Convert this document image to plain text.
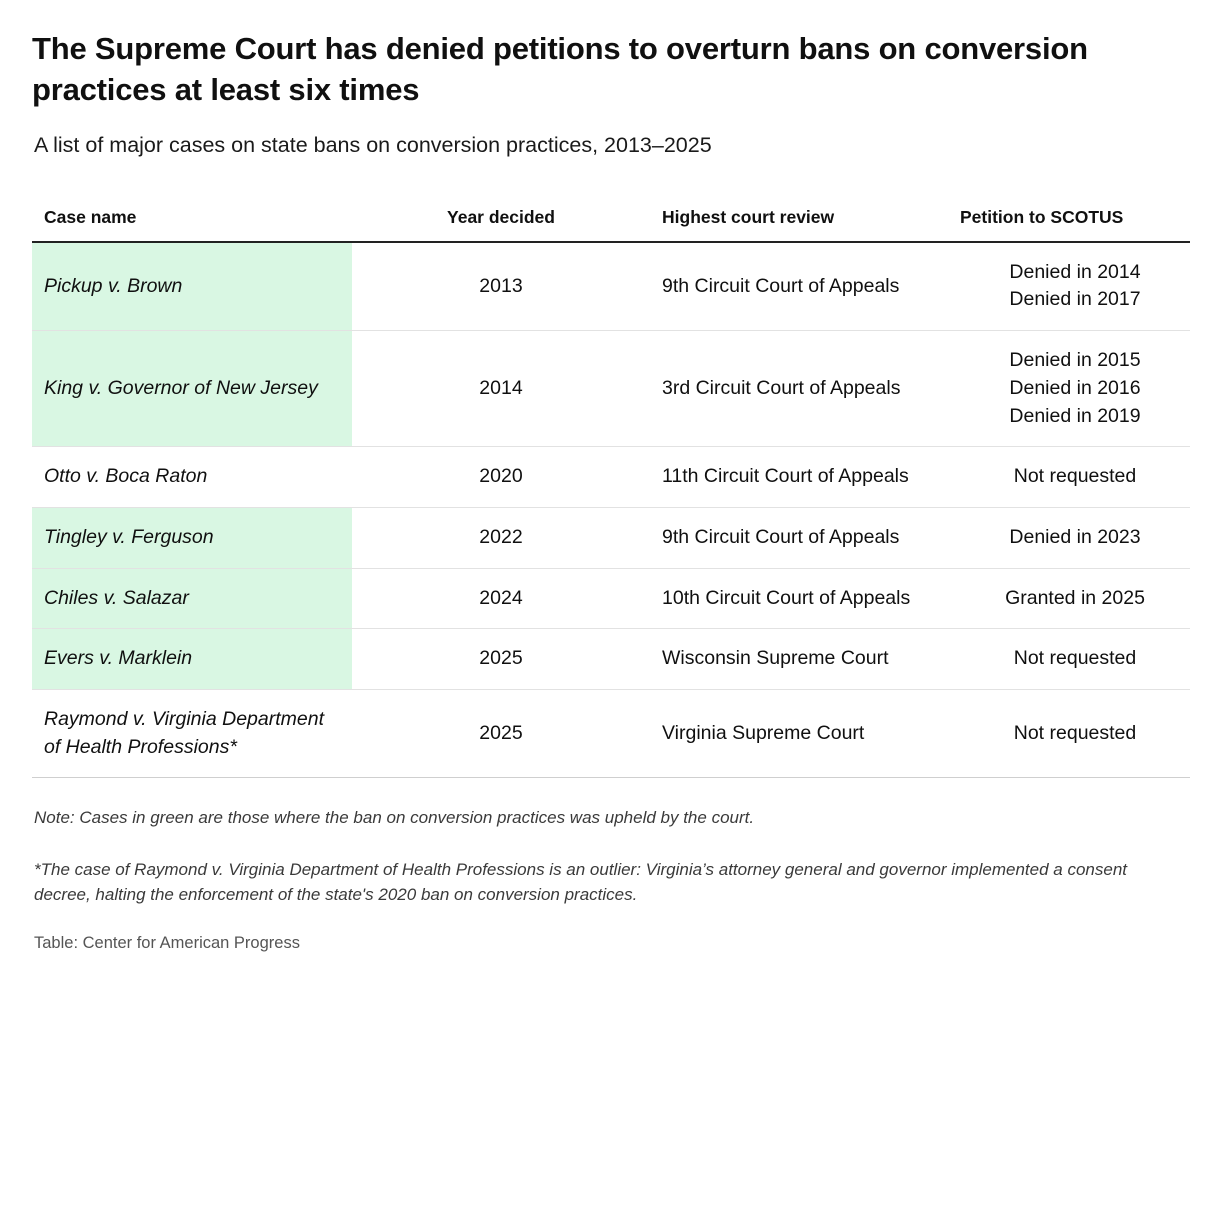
The Supreme Court has denied petitions to overturn bans on conversion practices at least six times
A list of major cases on state bans on conversion practices, 2013–2025
Case name	Year decided	Highest court review	Petition to SCOTUS
Pickup v. Brown	2013	9th Circuit Court of Appeals	Denied in 2014
Denied in 2017
King v. Governor of New Jersey	2014	3rd Circuit Court of Appeals	Denied in 2015
Denied in 2016
Denied in 2019
Otto v. Boca Raton	2020	11th Circuit Court of Appeals	Not requested
Tingley v. Ferguson	2022	9th Circuit Court of Appeals	Denied in 2023
Chiles v. Salazar	2024	10th Circuit Court of Appeals	Granted in 2025
Evers v. Marklein	2025	Wisconsin Supreme Court	Not requested
Raymond v. Virginia Department of Health Professions*	2025	Virginia Supreme Court	Not requested
Note: Cases in green are those where the ban on conversion practices was upheld by the court.
*The case of Raymond v. Virginia Department of Health Professions is an outlier: Virginia’s attorney general and governor implemented a consent decree, halting the enforcement of the state's 2020 ban on conversion practices.
Table: Center for American Progress
